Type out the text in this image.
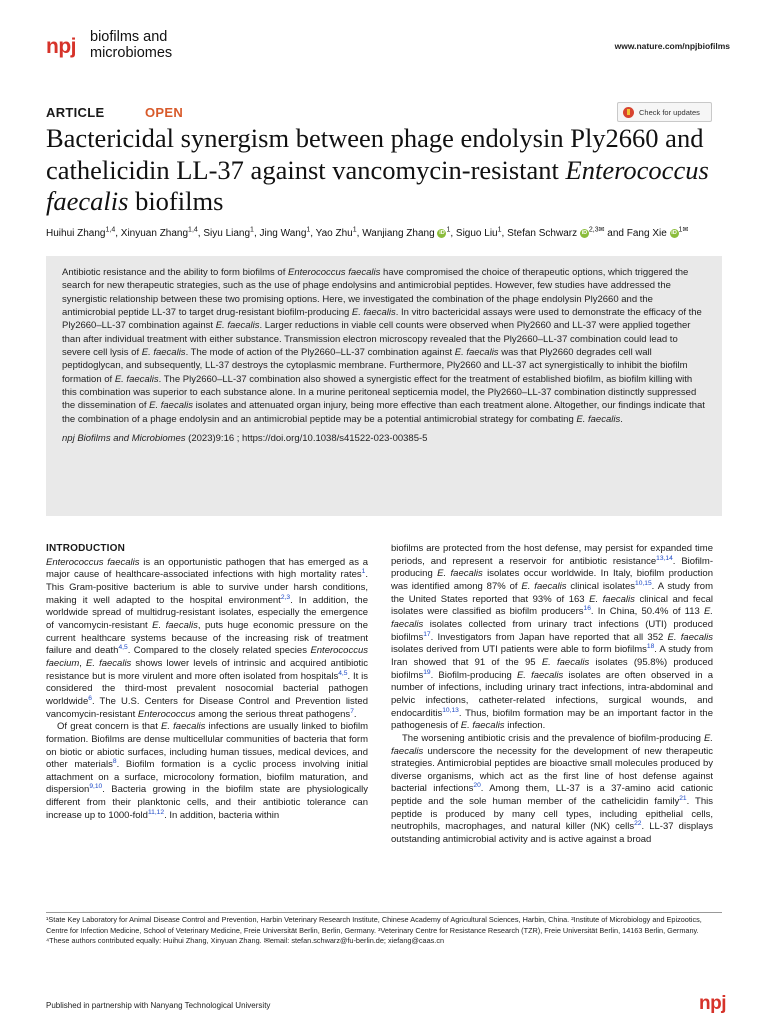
npj biofilms and
microbiomes	www.nature.com/npjbiofilms
ARTICLE	OPEN	Check for updates
Bactericidal synergism between phage endolysin Ply2660 and cathelicidin LL-37 against vancomycin-resistant Enterococcus faecalis biofilms
Huihui Zhang$^{1,4}$, Xinyuan Zhang$^{1,4}$, Siyu Liang$^1$, Jing Wang$^1$, Yao Zhu$^1$, Wanjiang Zhang iD $^1$, Siguo Liu$^1$, Stefan Schwarz iD $^{2,3✉}$ and Fang Xie iD $^{1✉}$

Antibiotic resistance and the ability to form biofilms of Enterococcus faecalis have compromised the choice of therapeutic options, which triggered the search for new therapeutic strategies, such as the use of phage endolysins and antimicrobial peptides. However, few studies have addressed the synergistic relationship between these two promising options. Here, we investigated the combination of the phage endolysin Ply2660 and the antimicrobial peptide LL-37 to target drug-resistant biofilm-producing E. faecalis. In vitro bactericidal assays were used to demonstrate the efficacy of the Ply2660–LL-37 combination against E. faecalis. Larger reductions in viable cell counts were observed when Ply2660 and LL-37 were applied together than after individual treatment with either substance. Transmission electron microscopy revealed that the Ply2660–LL-37 combination could lead to severe cell lysis of E. faecalis. The mode of action of the Ply2660–LL-37 combination against E. faecalis was that Ply2660 degrades cell wall peptidoglycan, and subsequently, LL-37 destroys the cytoplasmic membrane. Furthermore, Ply2660 and LL-37 act synergistically to inhibit the biofilm formation of E. faecalis. The Ply2660–LL-37 combination also showed a synergistic effect for the treatment of established biofilm, as biofilm killing with this combination was superior to each substance alone. In a murine peritoneal septicemia model, the Ply2660–LL-37 combination distinctly suppressed the dissemination of E. faecalis isolates and attenuated organ injury, being more effective than each treatment alone. Altogether, our findings indicate that the combination of a phage endolysin and an antimicrobial peptide may be a potential antimicrobial strategy for combating E. faecalis.

npj Biofilms and Microbiomes (2023)9:16 ; https://doi.org/10.1038/s41522-023-00385-5
INTRODUCTION

Enterococcus faecalis is an opportunistic pathogen that has emerged as a major cause of healthcare-associated infections with high mortality rates$^1$. This Gram-positive bacterium is able to survive under harsh conditions, making it well adapted to the hospital environment$^{2,3}$. In addition, the worldwide spread of multidrug-resistant isolates, especially the emergence of vancomycin-resistant E. faecalis, puts huge economic pressure on the current healthcare systems because of the increasing risk of treatment failure and death$^{4,5}$. Compared to the closely related species Enterococcus faecium, E. faecalis shows lower levels of intrinsic and acquired antibiotic resistance but is more virulent and more often isolated from hospitals$^{4,5}$. It is considered the third-most prevalent nosocomial bacterial pathogen worldwide$^6$. The U.S. Centers for Disease Control and Prevention listed vancomycin-resistant Enterococcus among the serious threat pathogens$^7$.

Of great concern is that E. faecalis infections are usually linked to biofilm formation. Biofilms are dense multicellular communities of bacteria that form on biotic or abiotic surfaces, including human tissues, medical devices, and other materials$^8$. Biofilm formation is a cyclic process involving initial attachment on a surface, microcolony formation, biofilm maturation, and dispersion$^{9,10}$. Bacteria growing in the biofilm state are physiologically different from their planktonic cells, and their antibiotic tolerance can increase up to 1000-fold$^{11,12}$. In addition, bacteria within

biofilms are protected from the host defense, may persist for expanded time periods, and represent a reservoir for antibiotic resistance$^{13,14}$. Biofilm-producing E. faecalis isolates occur worldwide. In Italy, biofilm production was identified among 87% of E. faecalis clinical isolates$^{10,15}$. A study from the United States reported that 93% of 163 E. faecalis clinical and fecal isolates were classified as biofilm producers$^{16}$. In China, 50.4% of 113 E. faecalis isolates collected from urinary tract infections (UTI) produced biofilms$^{17}$. Investigators from Japan have reported that all 352 E. faecalis isolates derived from UTI patients were able to form biofilms$^{18}$. A study from Iran showed that 91 of the 95 E. faecalis isolates (95.8%) produced biofilms$^{19}$. Biofilm-producing E. faecalis isolates are often observed in a number of infections, including urinary tract infections, intra-abdominal and pelvic infections, catheter-related infections, surgical wounds, and endocarditis$^{10,13}$. Thus, biofilm formation may be an important factor in the pathogenesis of E. faecalis infection.

The worsening antibiotic crisis and the prevalence of biofilm-producing E. faecalis underscore the necessity for the development of new therapeutic strategies. Antimicrobial peptides are bioactive small molecules produced by diverse organisms, which act as the first line of host defense against bacterial infections$^{20}$. Among them, LL-37 is a 37-amino acid cationic peptide and the sole human member of the cathelicidin family$^{21}$. This peptide is produced by many cell types, including epithelial cells, neutrophils, macrophages, and natural killer (NK) cells$^{22}$. LL-37 displays outstanding antimicrobial activity and is active against a broad

¹State Key Laboratory for Animal Disease Control and Prevention, Harbin Veterinary Research Institute, Chinese Academy of Agricultural Sciences, Harbin, China. ²Institute of Microbiology and Epizootics, Centre for Infection Medicine, School of Veterinary Medicine, Freie Universität Berlin, Berlin, Germany. ³Veterinary Centre for Resistance Research (TZR), Freie Universität Berlin, 14163 Berlin, Germany. ⁴These authors contributed equally: Huihui Zhang, Xinyuan Zhang. ✉email: stefan.schwarz@fu-berlin.de; xiefang@caas.cn

Published in partnership with Nanyang Technological University	npj
